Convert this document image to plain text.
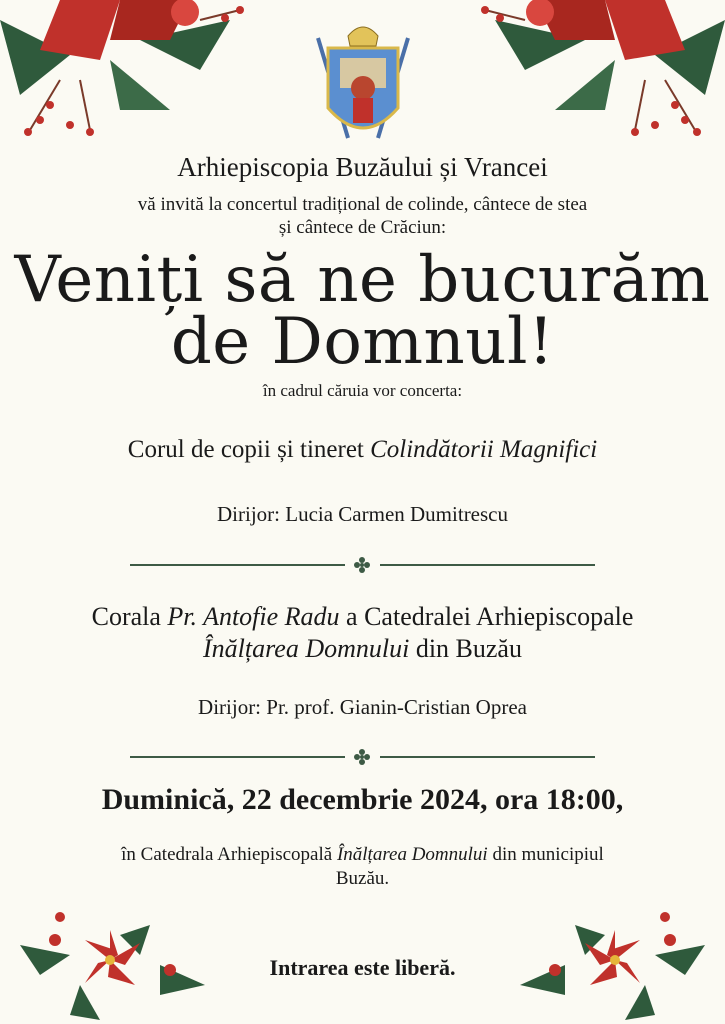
Arhiepiscopia Buzăului și Vrancei
vă invită la concertul tradițional de colinde, cântece de stea
și cântece de Crăciun:
Veniți să ne bucurăm
de Domnul!
în cadrul căruia vor concerta:
Corul de copii și tineret Colindătorii Magnifici
Dirijor: Lucia Carmen Dumitrescu
Corala Pr. Antofie Radu a Catedralei Arhiepiscopale
Înălțarea Domnului din Buzău
Dirijor: Pr. prof. Gianin-Cristian Oprea
Duminică, 22 decembrie 2024, ora 18:00,
în Catedrala Arhiepiscopală Înălțarea Domnului din municipiul
Buzău.
Intrarea este liberă.
